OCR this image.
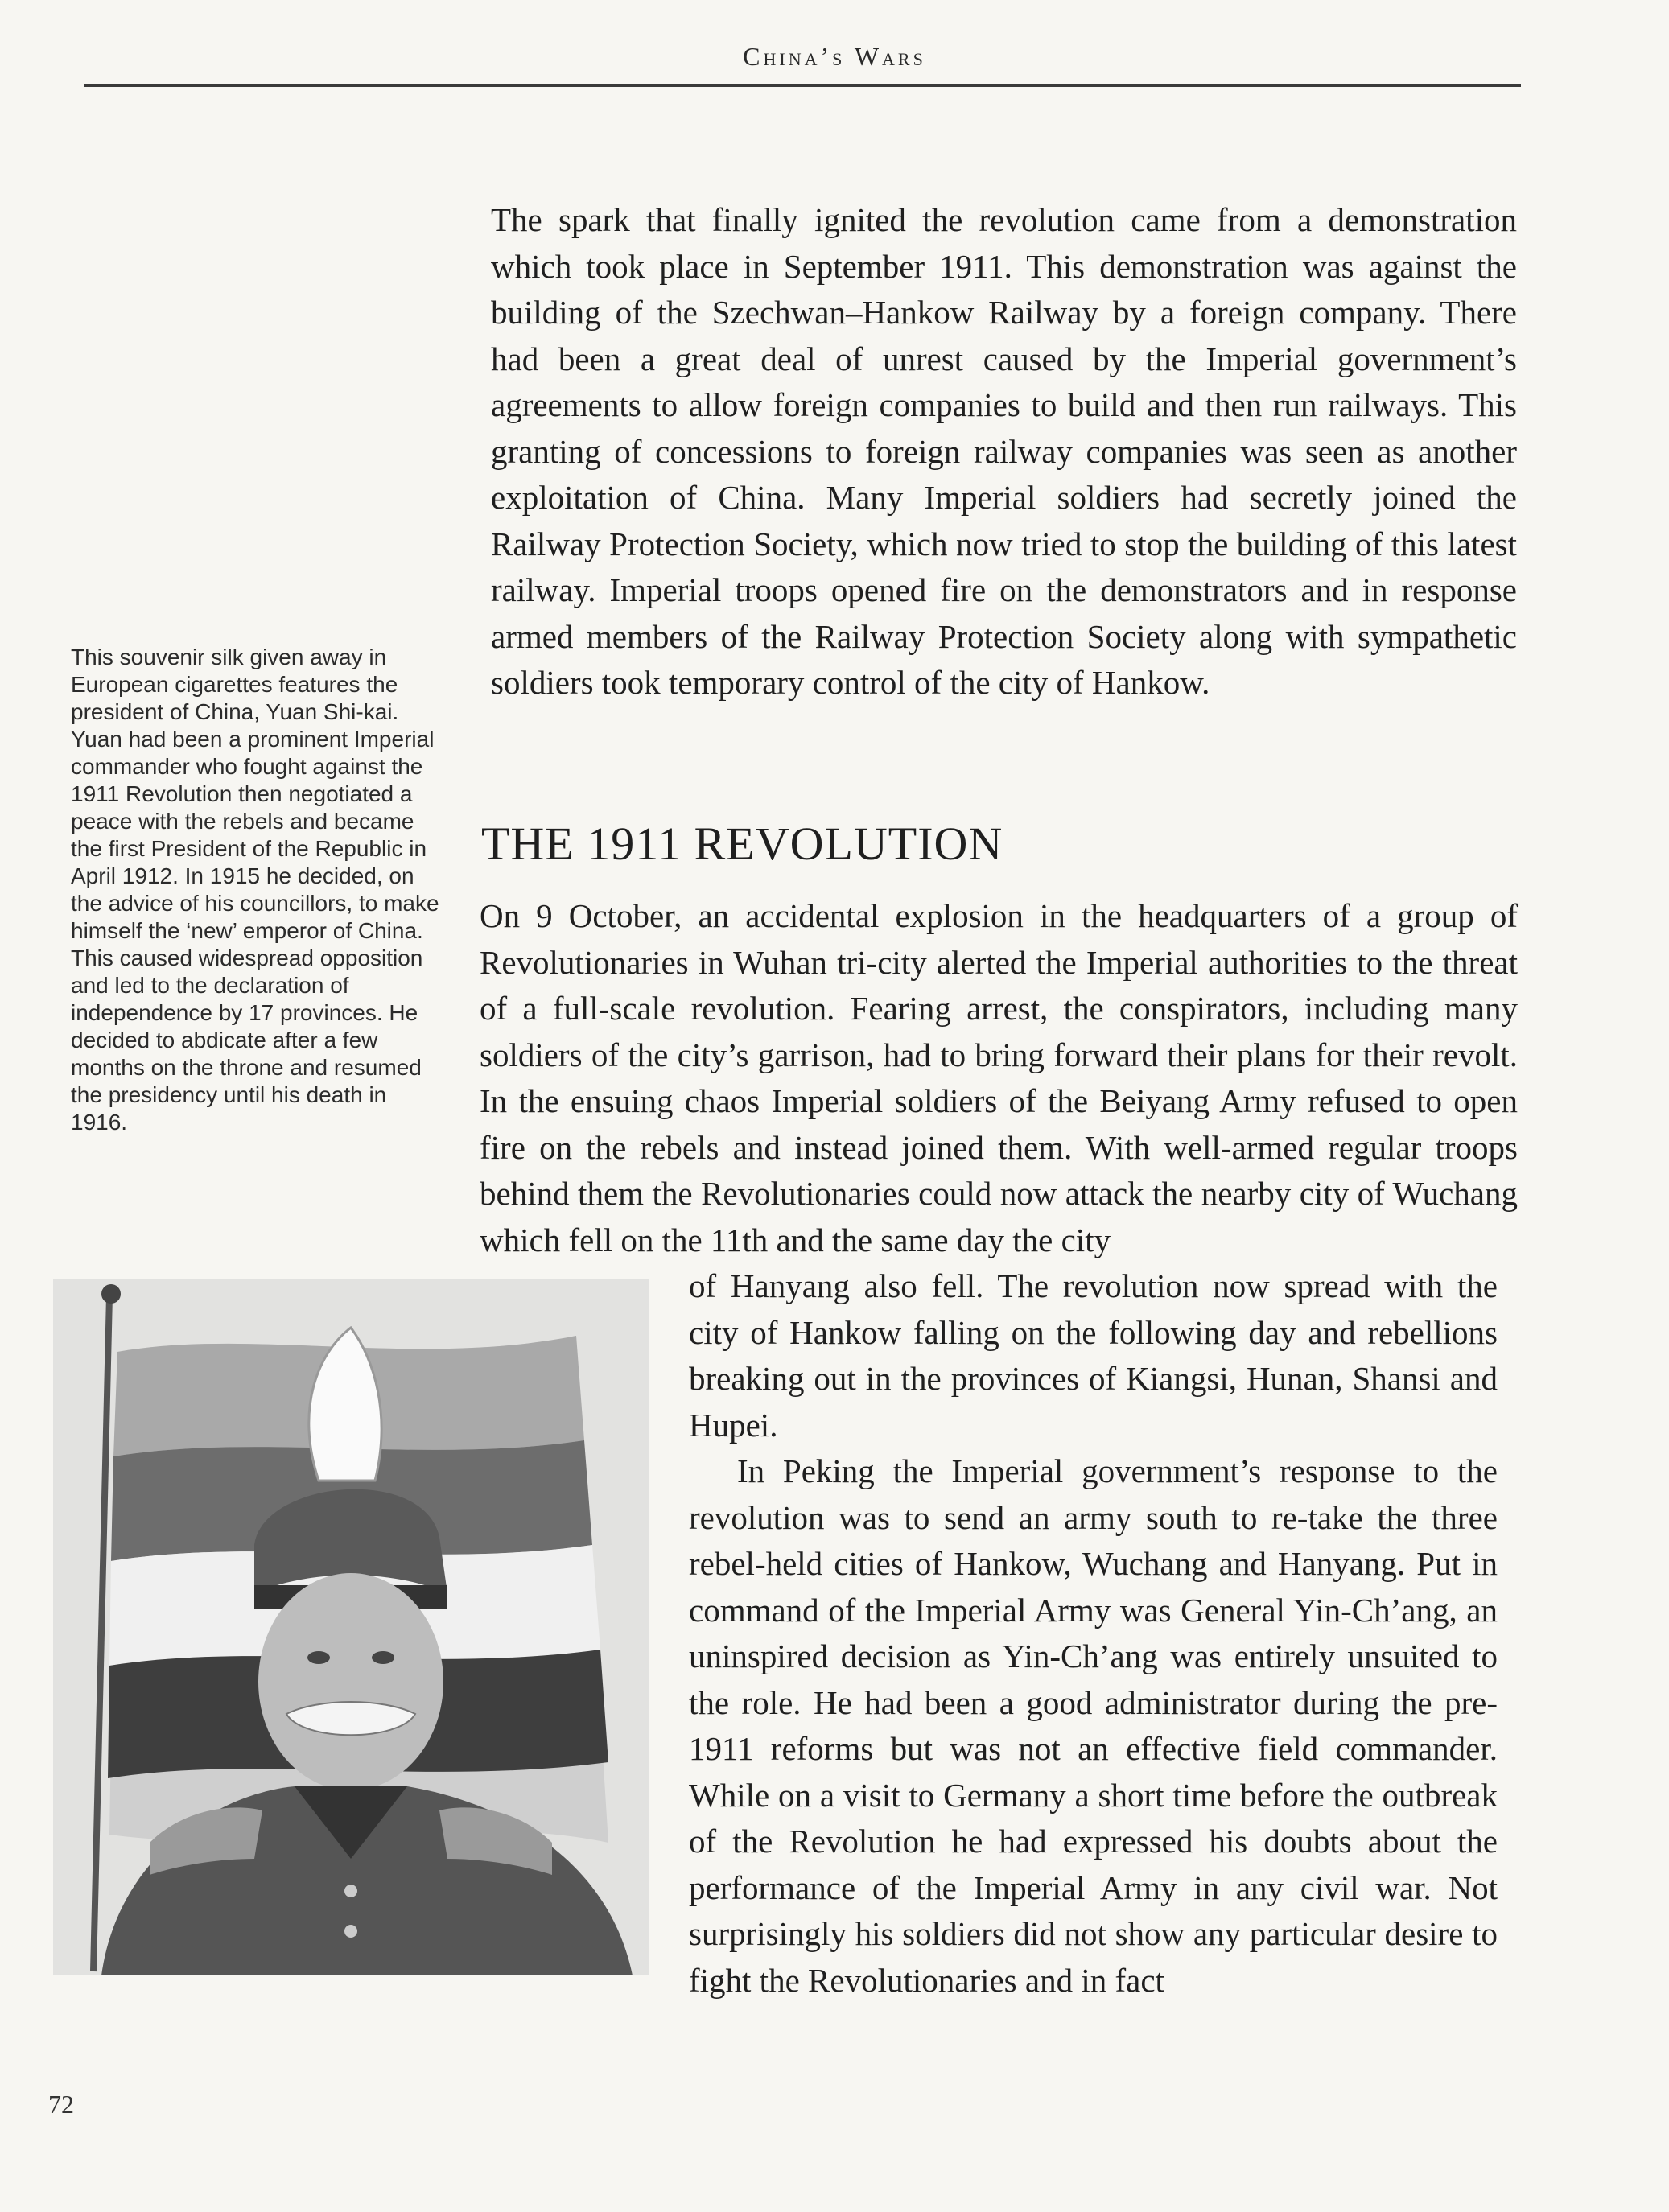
China’s Wars

The spark that finally ignited the revolution came from a demonstration which took place in September 1911. This demonstration was against the building of the Szechwan–Hankow Railway by a foreign company. There had been a great deal of unrest caused by the Imperial government’s agreements to allow foreign companies to build and then run railways. This granting of concessions to foreign railway companies was seen as another exploitation of China. Many Imperial soldiers had secretly joined the Railway Protection Society, which now tried to stop the building of this latest railway. Imperial troops opened fire on the demonstrators and in response armed members of the Railway Protection Society along with sympathetic soldiers took temporary control of the city of Hankow.

THE 1911 REVOLUTION

On 9 October, an accidental explosion in the headquarters of a group of Revolutionaries in Wuhan tri-city alerted the Imperial authorities to the threat of a full-scale revolution. Fearing arrest, the conspirators, including many soldiers of the city’s garrison, had to bring forward their plans for their revolt. In the ensuing chaos Imperial soldiers of the Beiyang Army refused to open fire on the rebels and instead joined them. With well-armed regular troops behind them the Revolutionaries could now attack the nearby city of Wuchang which fell on the 11th and the same day the city

of Hanyang also fell. The revolution now spread with the city of Hankow falling on the following day and rebellions breaking out in the provinces of Kiangsi, Hunan, Shansi and Hupei.

In Peking the Imperial government’s response to the revolution was to send an army south to re-take the three rebel-held cities of Hankow, Wuchang and Hanyang. Put in command of the Imperial Army was General Yin-Ch’ang, an uninspired decision as Yin-Ch’ang was entirely unsuited to the role. He had been a good administrator during the pre-1911 reforms but was not an effective field commander. While on a visit to Germany a short time before the outbreak of the Revolution he had expressed his doubts about the performance of the Imperial Army in any civil war. Not surprisingly his soldiers did not show any particular desire to fight the Revolutionaries and in fact

This souvenir silk given away in European cigarettes features the president of China, Yuan Shi-kai. Yuan had been a prominent Imperial commander who fought against the 1911 Revolution then negotiated a peace with the rebels and became the first President of the Republic in April 1912. In 1915 he decided, on the advice of his councillors, to make himself the ‘new’ emperor of China. This caused widespread opposition and led to the declaration of independence by 17 provinces. He decided to abdicate after a few months on the throne and resumed the presidency until his death in 1916.

72
